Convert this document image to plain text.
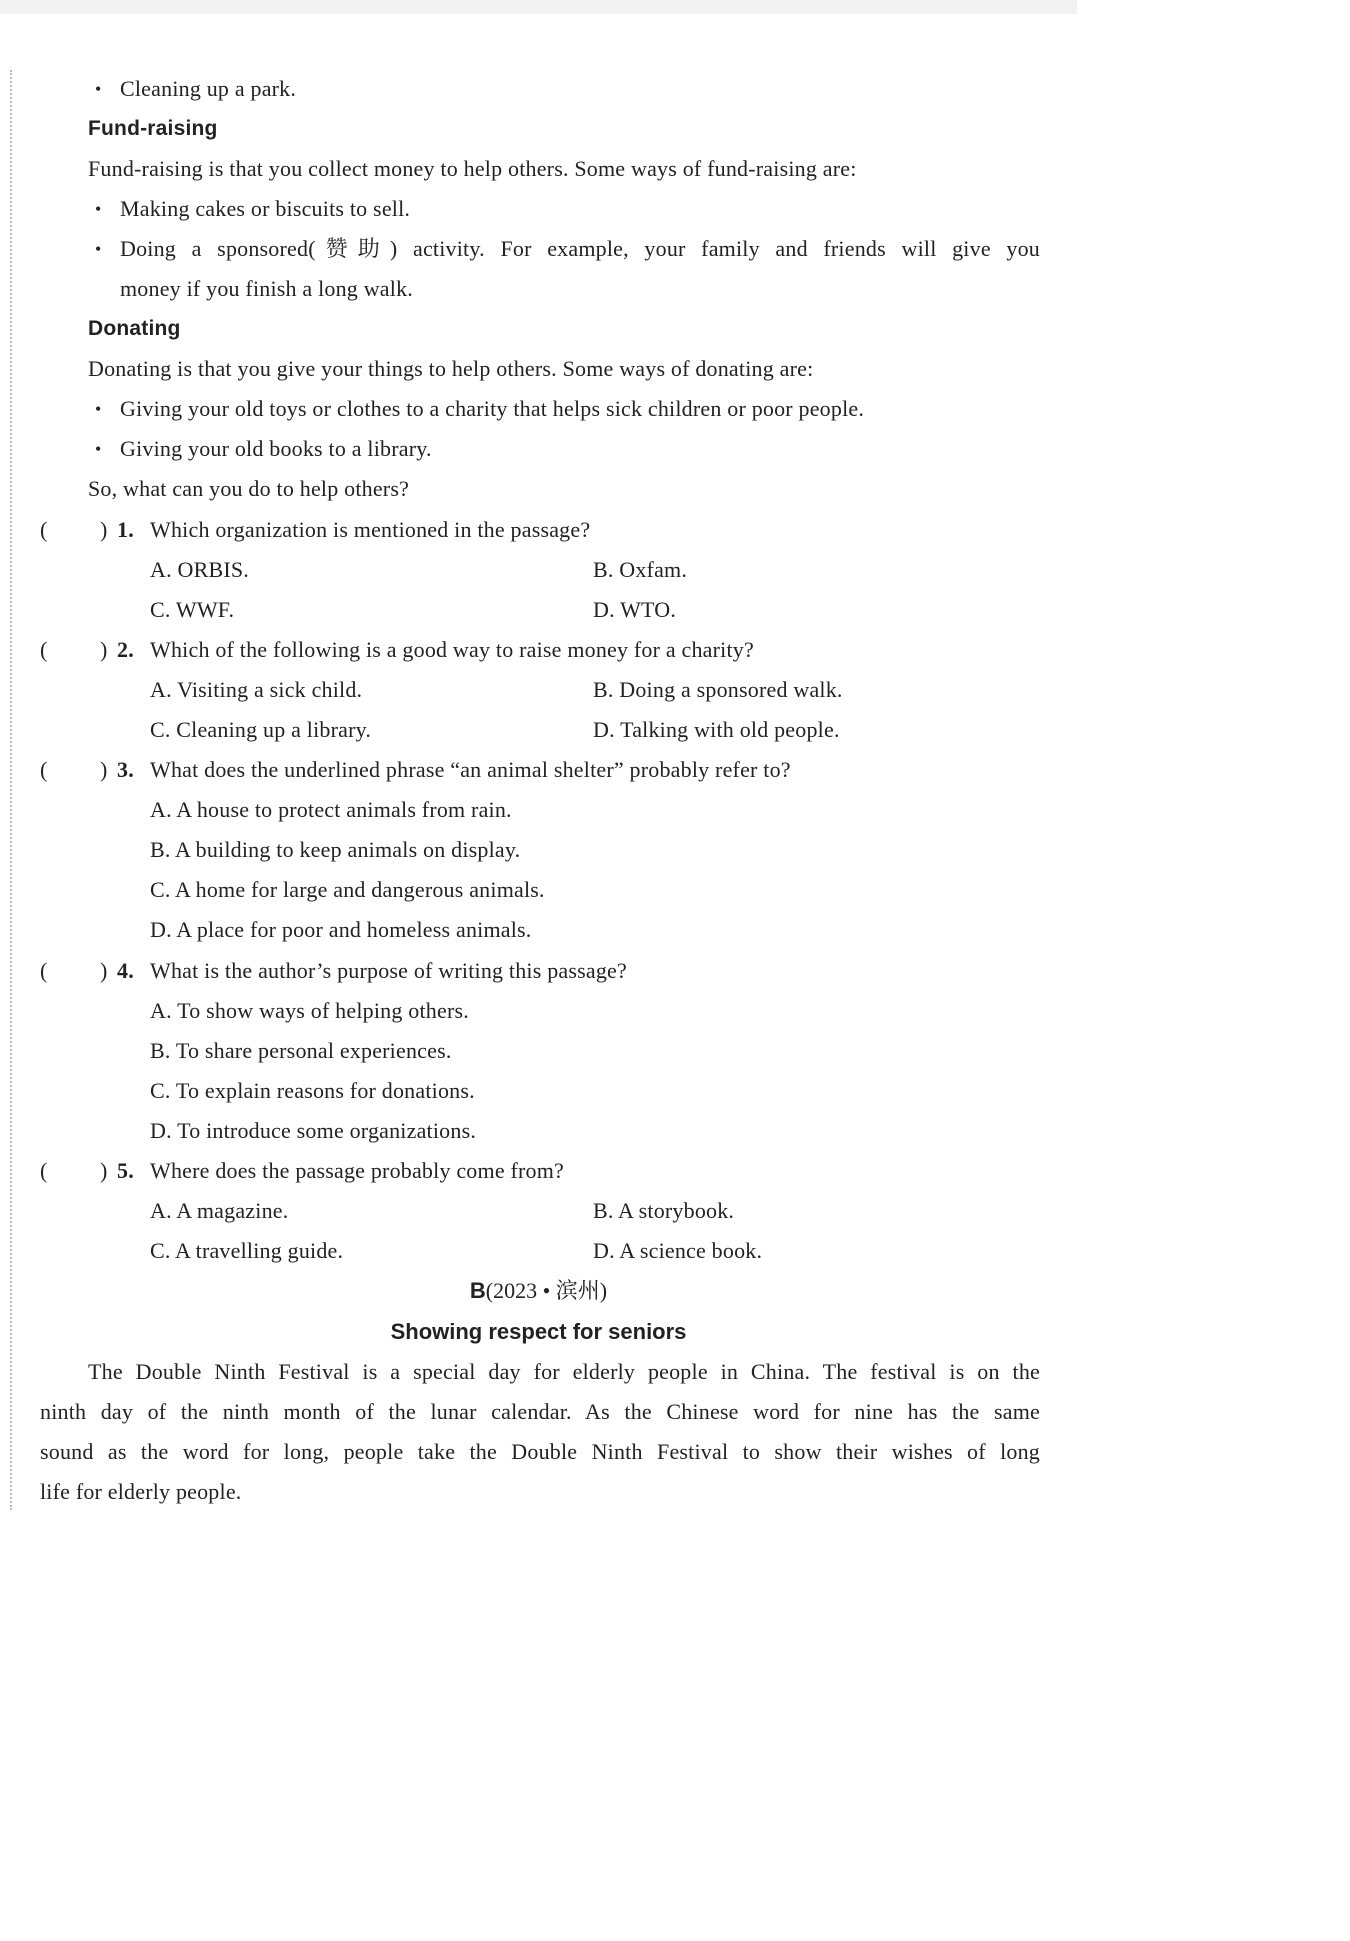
• Cleaning up a park.
Fund-raising
Fund-raising is that you collect money to help others. Some ways of fund-raising are:
• Making cakes or biscuits to sell.
• Doing a sponsored(赞助) activity. For example, your family and friends will give you
money if you finish a long walk.
Donating
Donating is that you give your things to help others. Some ways of donating are:
• Giving your old toys or clothes to a charity that helps sick children or poor people.
• Giving your old books to a library.
So, what can you do to help others?
( ) 1. Which organization is mentioned in the passage?
A. ORBIS.	B. Oxfam.
C. WWF.	D. WTO.
( ) 2. Which of the following is a good way to raise money for a charity?
A. Visiting a sick child.	B. Doing a sponsored walk.
C. Cleaning up a library.	D. Talking with old people.
( ) 3. What does the underlined phrase “an animal shelter” probably refer to?
A. A house to protect animals from rain.
B. A building to keep animals on display.
C. A home for large and dangerous animals.
D. A place for poor and homeless animals.
( ) 4. What is the author’s purpose of writing this passage?
A. To show ways of helping others.
B. To share personal experiences.
C. To explain reasons for donations.
D. To introduce some organizations.
( ) 5. Where does the passage probably come from?
A. A magazine.	B. A storybook.
C. A travelling guide.	D. A science book.
B(2023 • 滨州)
Showing respect for seniors
The Double Ninth Festival is a special day for elderly people in China. The festival is on the
ninth day of the ninth month of the lunar calendar. As the Chinese word for nine has the same
sound as the word for long, people take the Double Ninth Festival to show their wishes of long
life for elderly people.
